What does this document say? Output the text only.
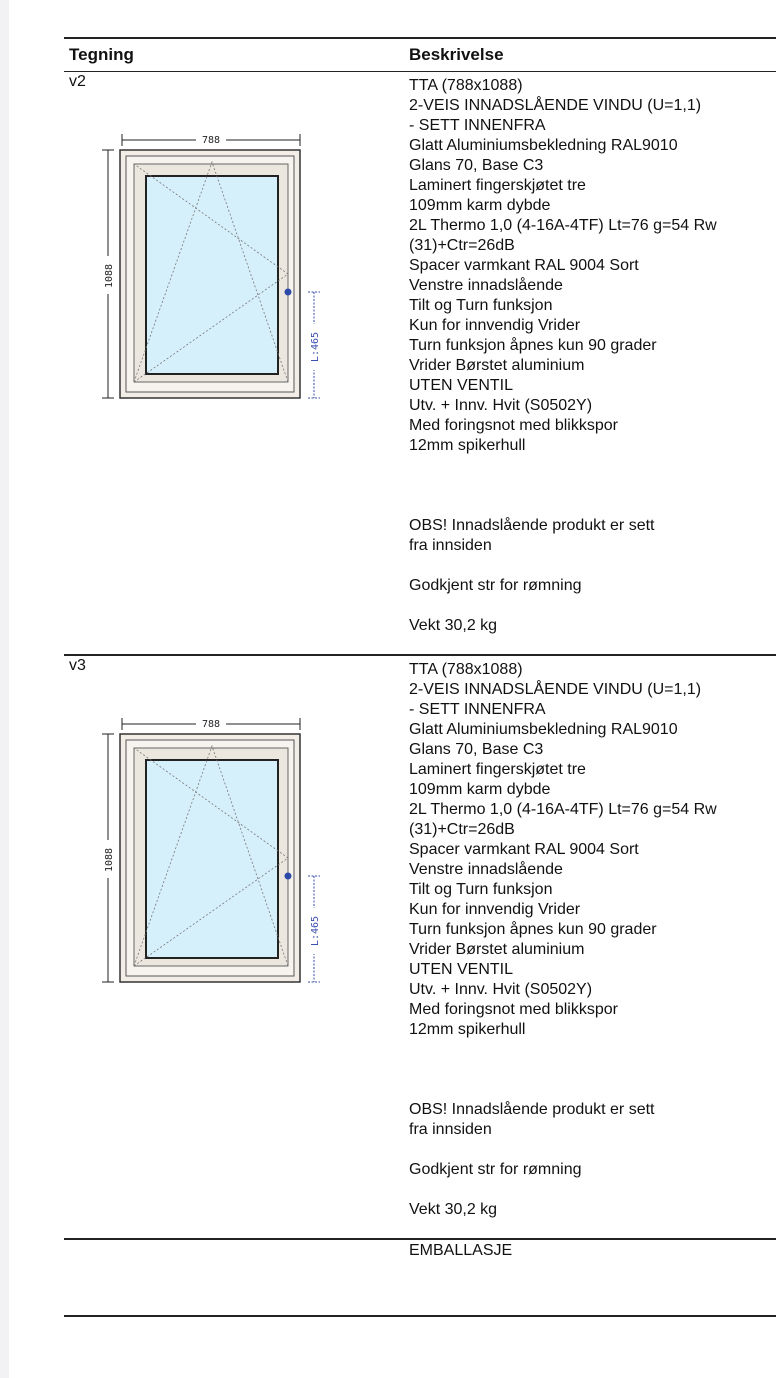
Tegning	Beskrivelse
v2
788
1088
L:465
TTA (788x1088)
2-VEIS INNADSLÅENDE VINDU (U=1,1)
- SETT INNENFRA
Glatt Aluminiumsbekledning RAL9010
Glans 70, Base C3
Laminert fingerskjøtet tre
109mm karm dybde
2L Thermo 1,0 (4-16A-4TF) Lt=76 g=54 Rw
(31)+Ctr=26dB
Spacer varmkant RAL 9004 Sort
Venstre innadslående
Tilt og Turn funksjon
Kun for innvendig Vrider
Turn funksjon åpnes kun 90 grader
Vrider Børstet aluminium
UTEN VENTIL
Utv. + Innv. Hvit (S0502Y)
Med foringsnot med blikkspor
12mm spikerhull
OBS! Innadslående produkt er sett
fra innsiden
Godkjent str for rømning
Vekt 30,2 kg
v3
788
1088
L:465
TTA (788x1088)
2-VEIS INNADSLÅENDE VINDU (U=1,1)
- SETT INNENFRA
Glatt Aluminiumsbekledning RAL9010
Glans 70, Base C3
Laminert fingerskjøtet tre
109mm karm dybde
2L Thermo 1,0 (4-16A-4TF) Lt=76 g=54 Rw
(31)+Ctr=26dB
Spacer varmkant RAL 9004 Sort
Venstre innadslående
Tilt og Turn funksjon
Kun for innvendig Vrider
Turn funksjon åpnes kun 90 grader
Vrider Børstet aluminium
UTEN VENTIL
Utv. + Innv. Hvit (S0502Y)
Med foringsnot med blikkspor
12mm spikerhull
OBS! Innadslående produkt er sett
fra innsiden
Godkjent str for rømning
Vekt 30,2 kg
EMBALLASJE
